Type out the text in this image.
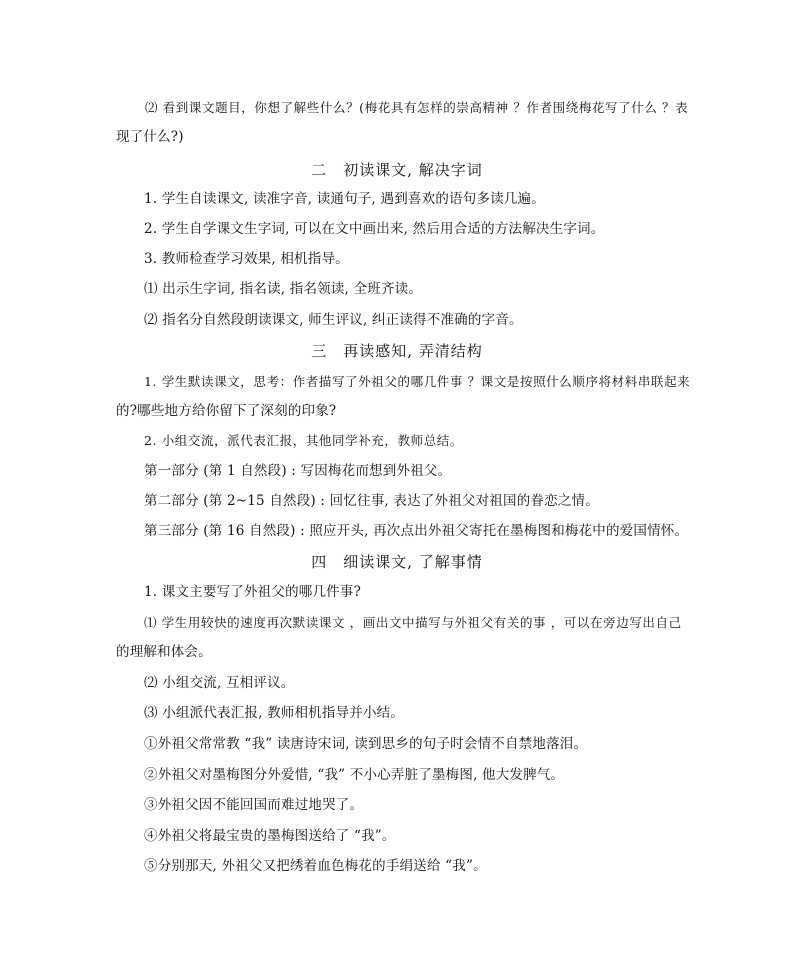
⑵ 看到课文题目，你想了解些什么？(梅花具有怎样的崇高精神 ？作者围绕梅花写了什么 ？表
现了什么?)
二 初读课文, 解决字词
1. 学生自读课文, 读准字音, 读通句子, 遇到喜欢的语句多读几遍。
2. 学生自学课文生字词, 可以在文中画出来, 然后用合适的方法解决生字词。
3. 教师检查学习效果, 相机指导。
⑴ 出示生字词, 指名读, 指名领读, 全班齐读。
⑵ 指名分自然段朗读课文, 师生评议, 纠正读得不准确的字音。
三 再读感知, 弄清结构
1. 学生默读课文，思考：作者描写了外祖父的哪几件事 ？课文是按照什么顺序将材料串联起来
的?哪些地方给你留下了深刻的印象?
2. 小组交流，派代表汇报，其他同学补充，教师总结。
第一部分 (第 1 自然段) : 写因梅花而想到外祖父。
第二部分 (第 2~15 自然段) : 回忆往事, 表达了外祖父对祖国的眷恋之情。
第三部分 (第 16 自然段) : 照应开头, 再次点出外祖父寄托在墨梅图和梅花中的爱国情怀。
四 细读课文, 了解事情
1. 课文主要写了外祖父的哪几件事?
⑴ 学生用较快的速度再次默读课文 ，画出文中描写与外祖父有关的事 ，可以在旁边写出自己
的理解和体会。
⑵ 小组交流, 互相评议。
⑶ 小组派代表汇报, 教师相机指导并小结。
①外祖父常常教 “我” 读唐诗宋词, 读到思乡的句子时会情不自禁地落泪。
②外祖父对墨梅图分外爱惜, “我” 不小心弄脏了墨梅图, 他大发脾气。
③外祖父因不能回国而难过地哭了。
④外祖父将最宝贵的墨梅图送给了 “我”。
⑤分别那天, 外祖父又把绣着血色梅花的手绢送给 “我”。
